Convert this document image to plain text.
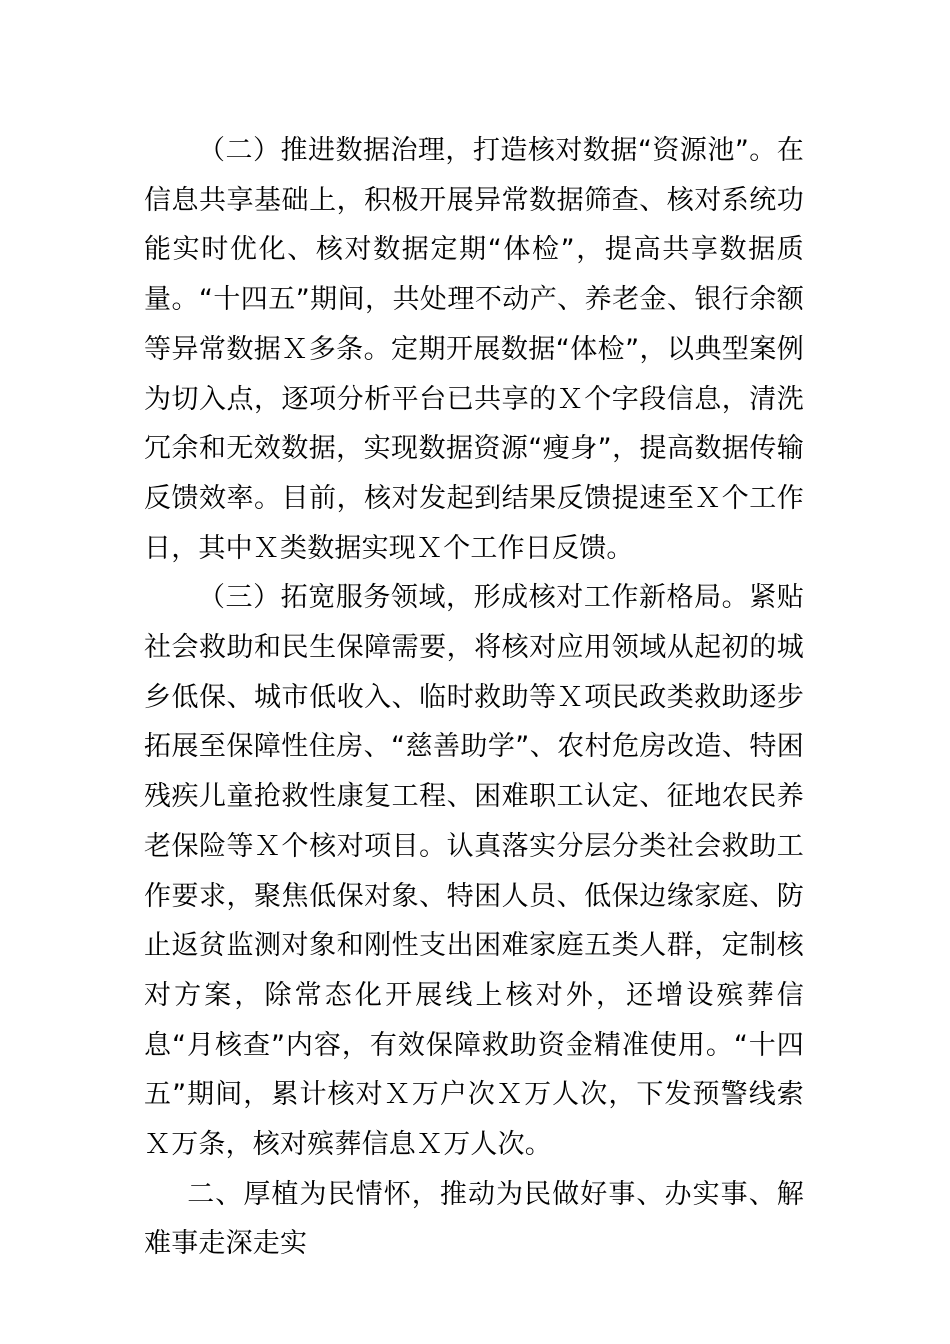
（二）推进数据治理，打造核对数据“资源池”。在信息共享基础上，积极开展异常数据筛查、核对系统功能实时优化、核对数据定期“体检”，提高共享数据质量。“十四五”期间，共处理不动产、养老金、银行余额等异常数据Ｘ多条。定期开展数据“体检”，以典型案例为切入点，逐项分析平台已共享的Ｘ个字段信息，清洗冗余和无效数据，实现数据资源“瘦身”，提高数据传输反馈效率。目前，核对发起到结果反馈提速至Ｘ个工作日，其中Ｘ类数据实现Ｘ个工作日反馈。

（三）拓宽服务领域，形成核对工作新格局。紧贴社会救助和民生保障需要，将核对应用领域从起初的城乡低保、城市低收入、临时救助等Ｘ项民政类救助逐步拓展至保障性住房、“慈善助学”、农村危房改造、特困残疾儿童抢救性康复工程、困难职工认定、征地农民养老保险等Ｘ个核对项目。认真落实分层分类社会救助工作要求，聚焦低保对象、特困人员、低保边缘家庭、防止返贫监测对象和刚性支出困难家庭五类人群，定制核对方案，除常态化开展线上核对外，还增设殡葬信息“月核查”内容，有效保障救助资金精准使用。“十四五”期间，累计核对Ｘ万户次Ｘ万人次，下发预警线索Ｘ万条，核对殡葬信息Ｘ万人次。

二、厚植为民情怀，推动为民做好事、办实事、解难事走深走实
